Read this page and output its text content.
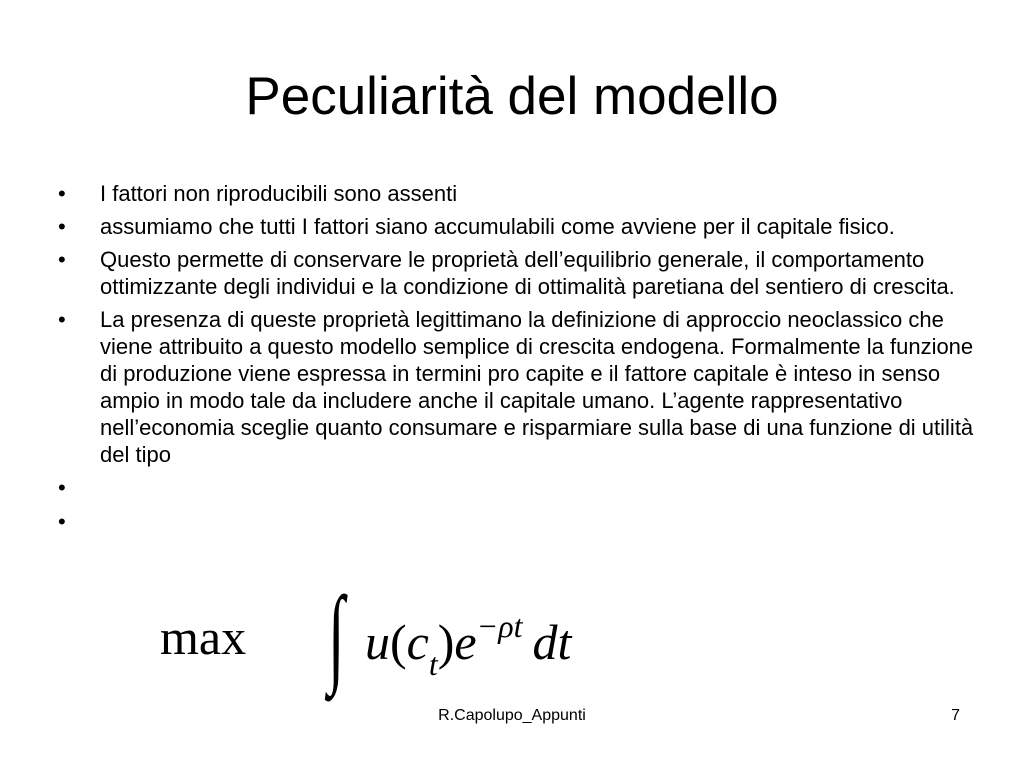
Peculiarità del modello
• I fattori non riproducibili sono assenti
• assumiamo che tutti I fattori siano accumulabili come avviene per il capitale fisico.
• Questo permette di conservare le proprietà dell’equilibrio generale, il comportamento ottimizzante degli individui e la condizione di ottimalità paretiana del sentiero di crescita.
• La presenza di queste proprietà legittimano la definizione di approccio neoclassico che viene attribuito a questo modello semplice di crescita endogena. Formalmente la funzione di produzione viene espressa in termini pro capite e il fattore capitale è inteso in senso ampio in modo tale da includere anche il capitale umano. L’agente rappresentativo nell’economia sceglie quanto consumare e risparmiare sulla base di una funzione di utilità del tipo
•
•
max ∫ $u(c_t)e^{-\rho t}$  dt
R.Capolupo_Appunti	7
